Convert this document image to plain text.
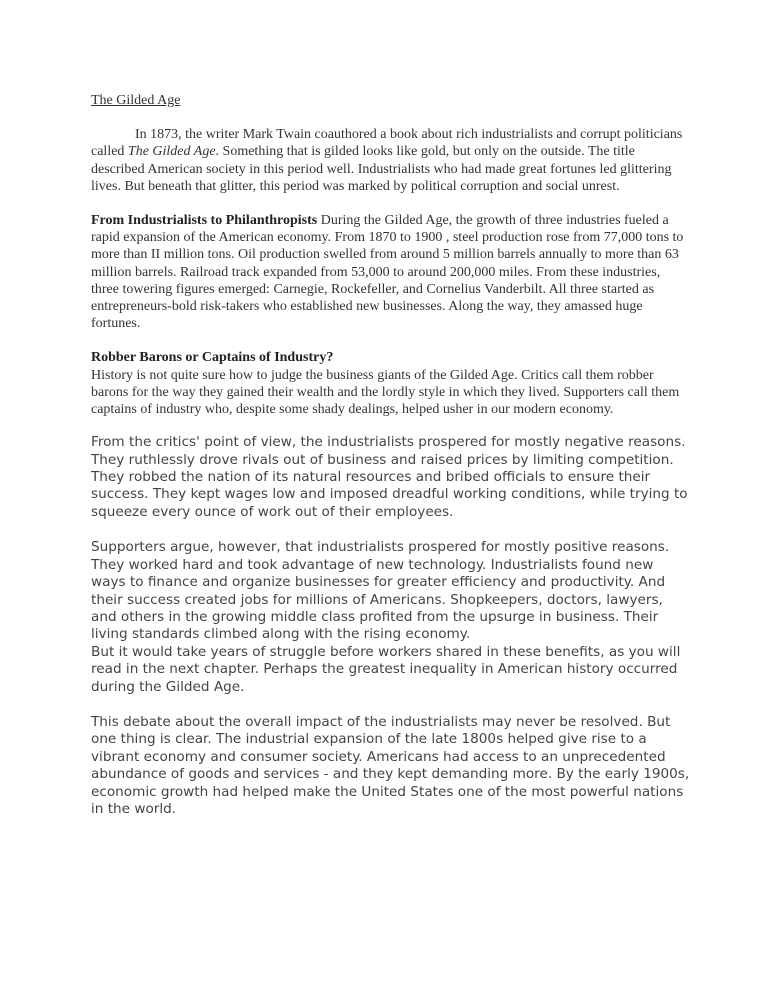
The Gilded Age

In 1873, the writer Mark Twain coauthored a book about rich industrialists and corrupt politicians called The Gilded Age. Something that is gilded looks like gold, but only on the outside. The title described American society in this period well. Industrialists who had made great fortunes led glittering lives. But beneath that glitter, this period was marked by political corruption and social unrest.

From Industrialists to Philanthropists During the Gilded Age, the growth of three industries fueled a rapid expansion of the American economy. From 1870 to 1900 , steel production rose from 77,000 tons to more than II million tons. Oil production swelled from around 5 million barrels annually to more than 63 million barrels. Railroad track expanded from 53,000 to around 200,000 miles. From these industries, three towering figures emerged: Carnegie, Rockefeller, and Cornelius Vanderbilt. All three started as entrepreneurs-bold risk-takers who established new businesses. Along the way, they amassed huge fortunes.

Robber Barons or Captains of Industry?
History is not quite sure how to judge the business giants of the Gilded Age. Critics call them robber barons for the way they gained their wealth and the lordly style in which they lived. Supporters call them captains of industry who, despite some shady dealings, helped usher in our modern economy.

From the critics' point of view, the industrialists prospered for mostly negative reasons. They ruthlessly drove rivals out of business and raised prices by limiting competition. They robbed the nation of its natural resources and bribed officials to ensure their success. They kept wages low and imposed dreadful working conditions, while trying to squeeze every ounce of work out of their employees.

Supporters argue, however, that industrialists prospered for mostly positive reasons. They worked hard and took advantage of new technology. Industrialists found new ways to finance and organize businesses for greater efficiency and productivity. And their success created jobs for millions of Americans. Shopkeepers, doctors, lawyers, and others in the growing middle class profited from the upsurge in business. Their living standards climbed along with the rising economy.

But it would take years of struggle before workers shared in these benefits, as you will read in the next chapter. Perhaps the greatest inequality in American history occurred during the Gilded Age.

This debate about the overall impact of the industrialists may never be resolved. But one thing is clear. The industrial expansion of the late 1800s helped give rise to a vibrant economy and consumer society. Americans had access to an unprecedented abundance of goods and services - and they kept demanding more. By the early 1900s, economic growth had helped make the United States one of the most powerful nations in the world.
